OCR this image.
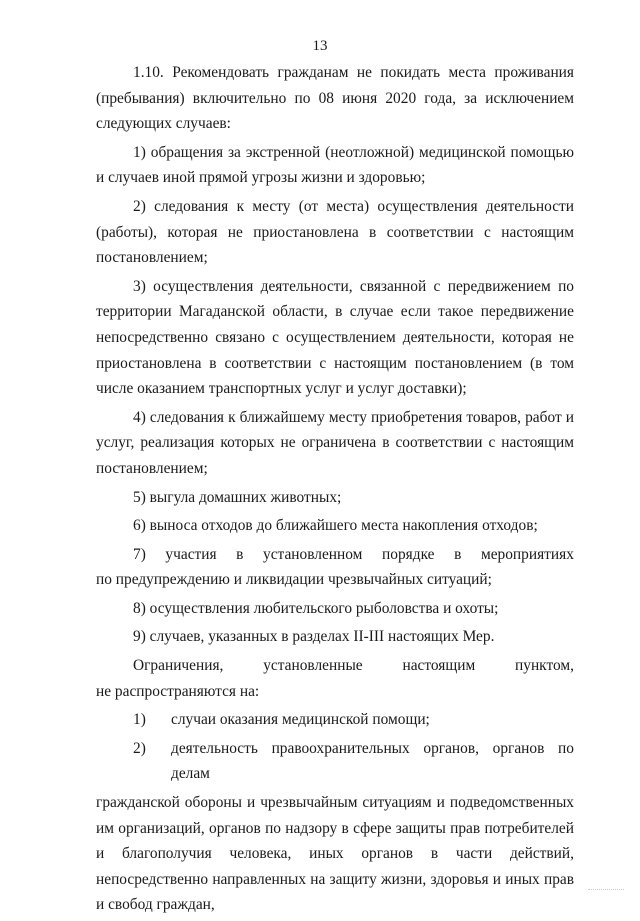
13

1.10. Рекомендовать гражданам не покидать места проживания (пребывания) включительно по 08 июня 2020 года, за исключением следующих случаев:

1) обращения за экстренной (неотложной) медицинской помощью и случаев иной прямой угрозы жизни и здоровью;

2) следования к месту (от места) осуществления деятельности (работы), которая не приостановлена в соответствии с настоящим постановлением;

3) осуществления деятельности, связанной с передвижением по территории Магаданской области, в случае если такое передвижение непосредственно связано с осуществлением деятельности, которая не приостановлена в соответствии с настоящим постановлением (в том числе оказанием транспортных услуг и услуг доставки);

4) следования к ближайшему месту приобретения товаров, работ и услуг, реализация которых не ограничена в соответствии с настоящим постановлением;

5) выгула домашних животных;

6) выноса отходов до ближайшего места накопления отходов;

7) участия в установленном порядке в мероприятиях

по предупреждению и ликвидации чрезвычайных ситуаций;

8) осуществления любительского рыболовства и охоты;

9) случаев, указанных в разделах II-III настоящих Мер.

Ограничения,	установленные	настоящим	пунктом,

не распространяются на:

1)	случаи оказания медицинской помощи;
2)	деятельность правоохранительных органов, органов по делам

гражданской обороны и чрезвычайным ситуациям и подведомственных им организаций, органов по надзору в сфере защиты прав потребителей и благополучия человека, иных органов в части действий, непосредственно направленных на защиту жизни, здоровья и иных прав и свобод граждан,
